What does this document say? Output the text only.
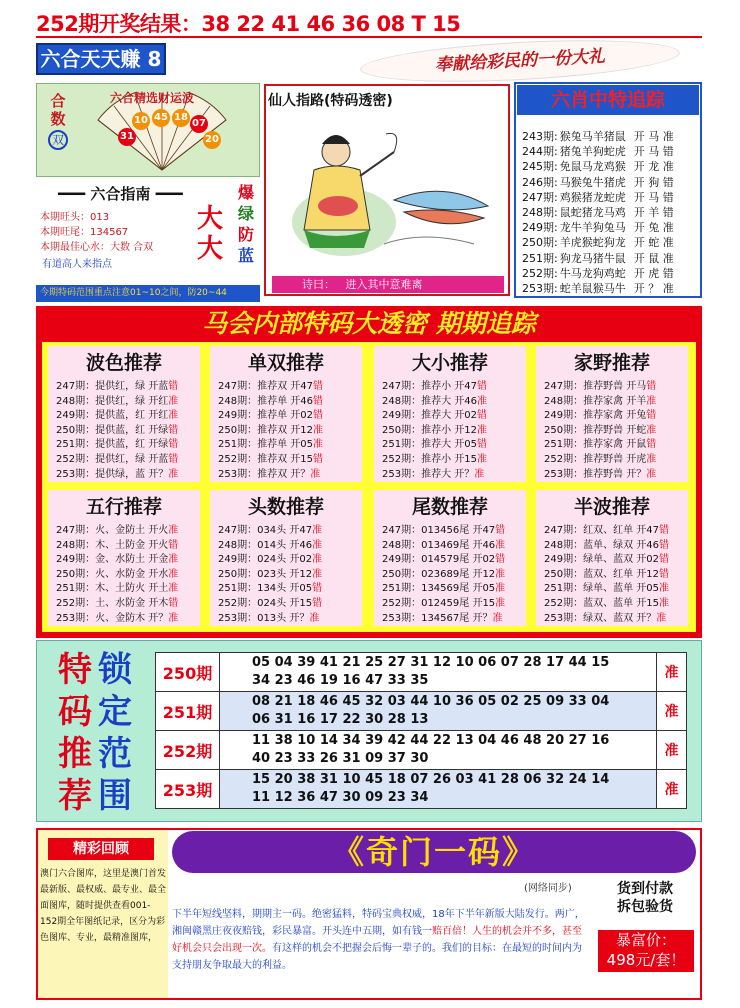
252期开奖结果：38 22 41 46 36 08 T 15
六合天天赚 8	奉献给彩民的一份大礼
六合精选财运波
合数
双
10 45 18
07
31	20
━━━ 六合指南 ━━━
本期旺头：013
本期旺尾：134567
本期最佳心水：大数 合双
有道高人来指点
大
大
爆
绿
防
蓝
今期特码范围重点注意01~10之间，防20~44
仙人指路(特码透密)
诗曰： 进入其中意难离
六肖中特追踪
243期: 猴兔马羊猪鼠 开 马 准
244期: 猪兔羊狗蛇虎 开 马 错
245期: 免鼠马龙鸡猴 开 龙 准
246期: 马猴兔牛猪虎 开 狗 错
247期: 鸡猴猪龙蛇虎 开 马 错
248期: 鼠蛇猪龙马鸡 开 羊 错
249期: 龙牛羊狗兔马 开 兔 准
250期: 羊虎猴蛇狗龙 开 蛇 准
251期: 狗龙马猪牛鼠 开 鼠 准
252期: 牛马龙狗鸡蛇 开 虎 错
253期: 蛇羊鼠猴马牛 开 ？ 准
马会内部特码大透密 期期追踪
波色推荐
247期：提供红，绿 开蓝错
248期：提供红，绿 开红准
249期：提供蓝，红 开红准
250期：提供蓝，红 开绿错
251期：提供蓝，红 开绿错
252期：提供红，绿 开蓝错
253期：提供绿，蓝 开？准
单双推荐
247期：推荐双 开47错
248期：推荐单 开46错
249期：推荐单 开02错
250期：推荐双 开12准
251期：推荐单 开05准
252期：推荐双 开15错
253期：推荐双 开？准
大小推荐
247期：推荐小 开47错
248期：推荐大 开46准
249期：推荐大 开02错
250期：推荐小 开12准
251期：推荐大 开05错
252期：推荐小 开15准
253期：推荐大 开？准
家野推荐
247期：推荐野兽 开马错
248期：推荐家禽 开羊准
249期：推荐家禽 开兔错
250期：推荐野兽 开蛇准
251期：推荐家禽 开鼠错
252期：推荐野兽 开虎准
253期：推荐野兽 开？准
五行推荐
247期：火、金防土 开火准
248期：木、土防金 开火错
249期：金、水防土 开金准
250期：火、水防金 开水准
251期：木、土防火 开土准
252期：土、水防金 开木错
253期：火、金防木 开？准
头数推荐
247期：034头 开47准
248期：014头 开46准
249期：024头 开02准
250期：023头 开12准
251期：134头 开05错
252期：024头 开15错
253期：013头 开？准
尾数推荐
247期：013456尾 开47错
248期：013469尾 开46准
249期：014579尾 开02错
250期：023689尾 开12准
251期：134569尾 开05准
252期：012459尾 开15准
253期：134567尾 开？准
半波推荐
247期：红双、红单 开47错
248期：蓝单、绿双 开46错
249期：绿单、蓝双 开02错
250期：蓝双、红单 开12错
251期：绿单、蓝单 开05准
252期：蓝双、蓝单 开15准
253期：绿双、蓝双 开？准
特
码
推
荐
锁
定
范
围
250期	05 04 39 41 21 25 27 31 12 10 06 07 28 17 44 15
34 23 46 19 16 47 33 35	准
251期	08 21 18 46 45 32 03 44 10 36 05 02 25 09 33 04
06 31 16 17 22 30 28 13	准
252期	11 38 10 14 34 39 42 44 22 13 04 46 48 20 27 16
40 23 33 26 31 09 37 30	准
253期	15 20 38 31 10 45 18 07 26 03 41 28 06 32 24 14
11 12 36 47 30 09 23 34	准
精彩回顾
澳门六合图库，这里是澳门首发最新版、最权威、最专业、最全面图库，随时提供查看001-152期全年图纸记录，区分为彩色图库、专业，最精准图库，
《奇门一码》
(网络同步)
下半年短线坚料，期期主一码。绝密猛料，特码宝典权威，18年下半年新版大陆发行。两广，湘闽赣黑庄夜夜赔钱，彩民暴富。开头连中五期，如有钱一赔百倍！人生的机会并不多，甚至好机会只会出现一次。有这样的机会不把握会后悔一辈子的。我们的目标：在最短的时间内为支持朋友争取最大的利益。
货到付款
拆包验货
暴富价：
498元/套！
